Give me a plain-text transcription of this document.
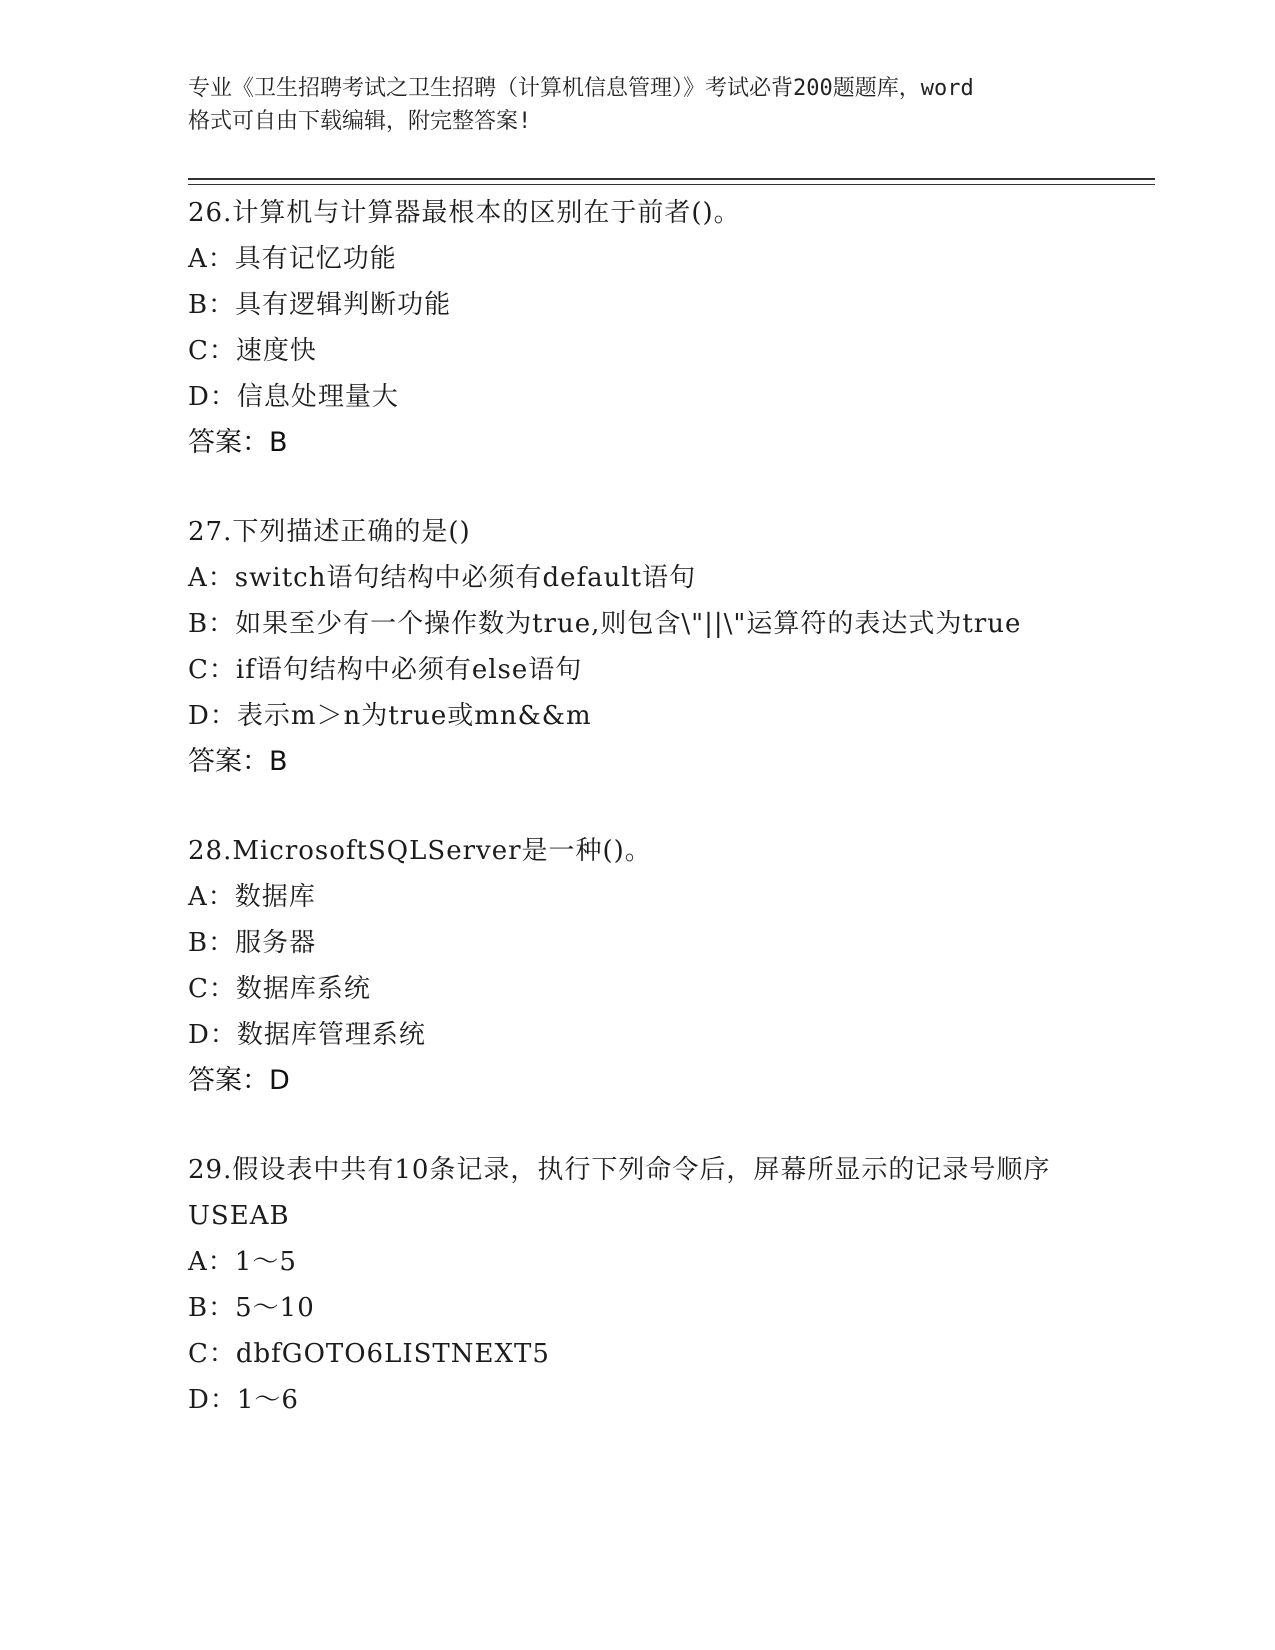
专业《卫生招聘考试之卫生招聘（计算机信息管理）》考试必背200题题库，word
格式可自由下载编辑，附完整答案!
26.计算机与计算器最根本的区别在于前者()。
A：具有记忆功能
B：具有逻辑判断功能
C：速度快
D：信息处理量大
答案：B
27.下列描述正确的是()
A：switch语句结构中必须有default语句
B：如果至少有一个操作数为true,则包含\"||\"运算符的表达式为true
C：if语句结构中必须有else语句
D：表示m＞n为true或mn&&m
答案：B
28.MicrosoftSQLServer是一种()。
A：数据库
B：服务器
C：数据库系统
D：数据库管理系统
答案：D
29.假设表中共有10条记录，执行下列命令后，屏幕所显示的记录号顺序USEAB
A：1～5
B：5～10
C：dbfGOTO6LISTNEXT5
D：1～6
